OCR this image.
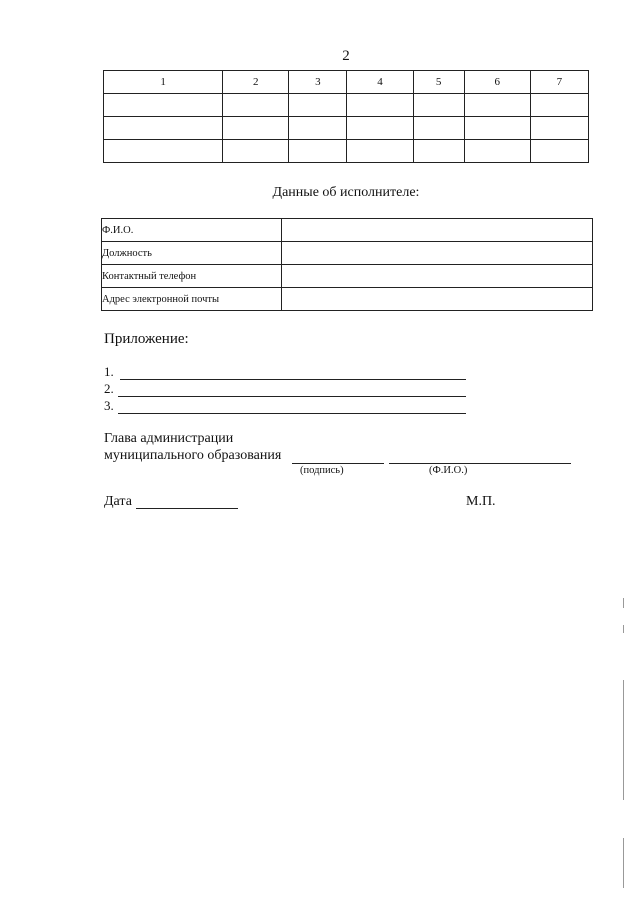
2
1	2	3	4	5	6	7

Данные об исполнителе:
Ф.И.О.	
Должность	
Контактный телефон	
Адрес электронной почты	
Приложение:
1.
2.
3.
Глава администрации
муниципального образования
(подпись)	(Ф.И.О.)
Дата	М.П.
